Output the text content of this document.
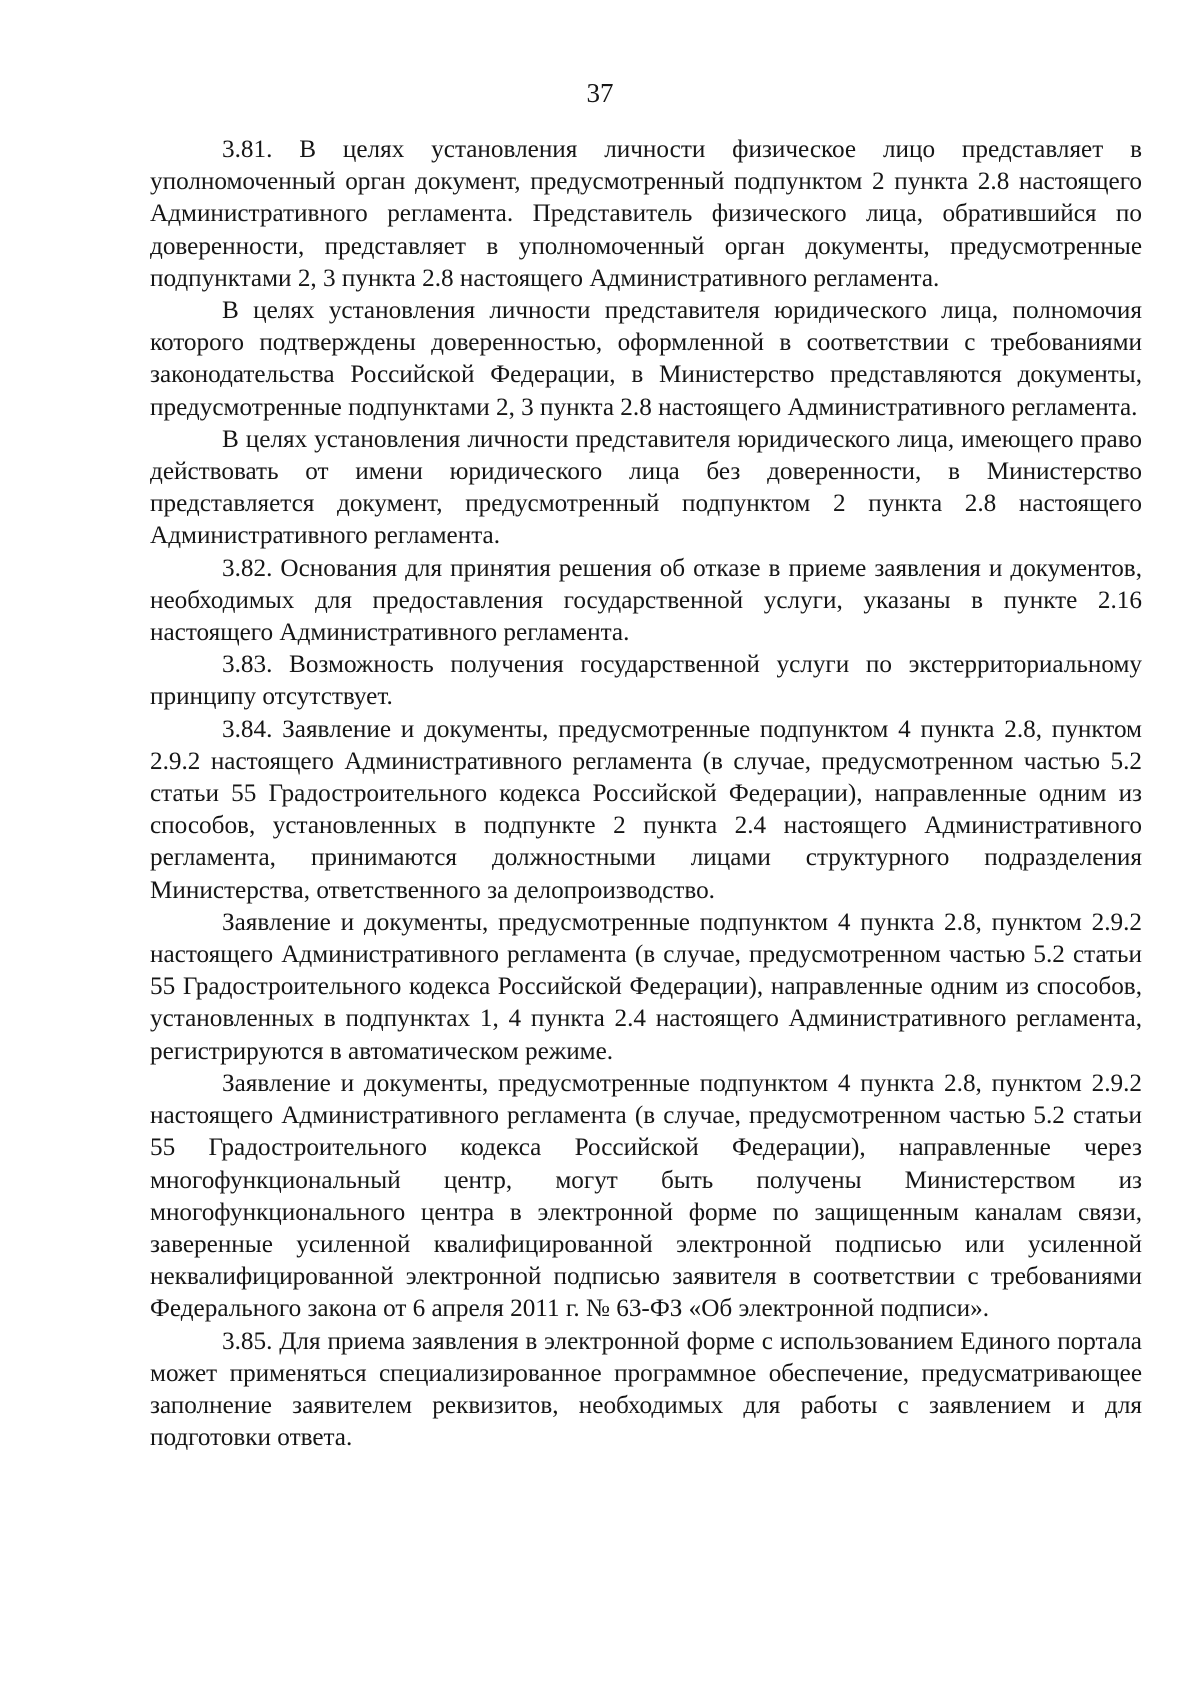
37

3.81. В целях установления личности физическое лицо представляет в уполномоченный орган документ, предусмотренный подпунктом 2 пункта 2.8 настоящего Административного регламента. Представитель физического лица, обратившийся по доверенности, представляет в уполномоченный орган документы, предусмотренные подпунктами 2, 3 пункта 2.8 настоящего Административного регламента.

В целях установления личности представителя юридического лица, полномочия которого подтверждены доверенностью, оформленной в соответствии с требованиями законодательства Российской Федерации, в Министерство представляются документы, предусмотренные подпунктами 2, 3 пункта 2.8 настоящего Административного регламента.

В целях установления личности представителя юридического лица, имеющего право действовать от имени юридического лица без доверенности, в Министерство представляется документ, предусмотренный подпунктом 2 пункта 2.8 настоящего Административного регламента.

3.82. Основания для принятия решения об отказе в приеме заявления и документов, необходимых для предоставления государственной услуги, указаны в пункте 2.16 настоящего Административного регламента.

3.83. Возможность получения государственной услуги по экстерриториальному принципу отсутствует.

3.84. Заявление и документы, предусмотренные подпунктом 4 пункта 2.8, пунктом 2.9.2 настоящего Административного регламента (в случае, предусмотренном частью 5.2 статьи 55 Градостроительного кодекса Российской Федерации), направленные одним из способов, установленных в подпункте 2 пункта 2.4 настоящего Административного регламента, принимаются должностными лицами структурного подразделения Министерства, ответственного за делопроизводство.

Заявление и документы, предусмотренные подпунктом 4 пункта 2.8, пунктом 2.9.2 настоящего Административного регламента (в случае, предусмотренном частью 5.2 статьи 55 Градостроительного кодекса Российской Федерации), направленные одним из способов, установленных в подпунктах 1, 4 пункта 2.4 настоящего Административного регламента, регистрируются в автоматическом режиме.

Заявление и документы, предусмотренные подпунктом 4 пункта 2.8, пунктом 2.9.2 настоящего Административного регламента (в случае, предусмотренном частью 5.2 статьи 55 Градостроительного кодекса Российской Федерации), направленные через многофункциональный центр, могут быть получены Министерством из многофункционального центра в электронной форме по защищенным каналам связи, заверенные усиленной квалифицированной электронной подписью или усиленной неквалифицированной электронной подписью заявителя в соответствии с требованиями Федерального закона от 6 апреля 2011 г. № 63-ФЗ «Об электронной подписи».

3.85. Для приема заявления в электронной форме с использованием Единого портала может применяться специализированное программное обеспечение, предусматривающее заполнение заявителем реквизитов, необходимых для работы с заявлением и для подготовки ответа.
